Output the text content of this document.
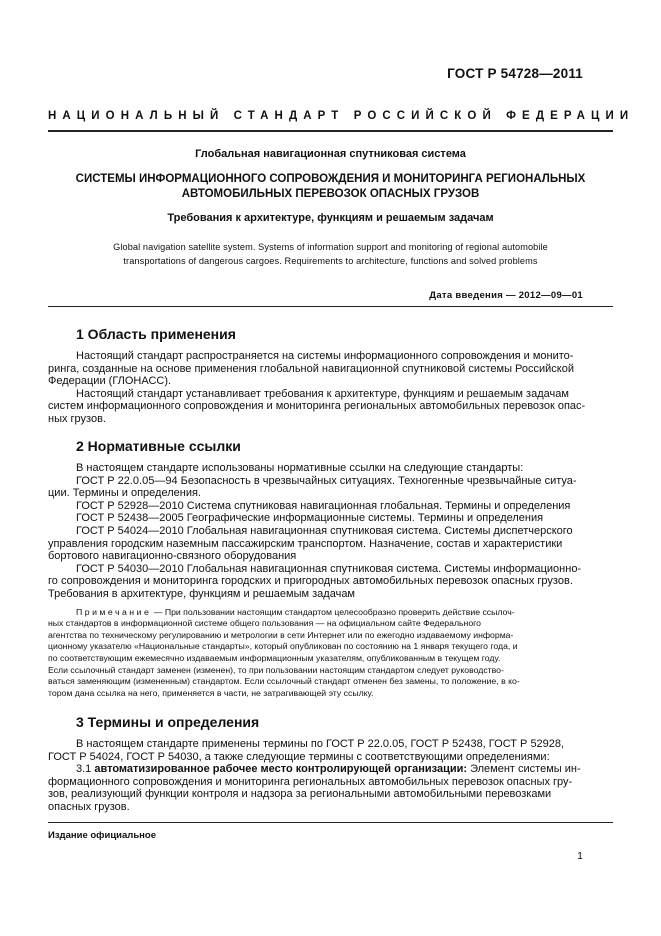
ГОСТ Р 54728—2011
НАЦИОНАЛЬНЫЙ СТАНДАРТ РОССИЙСКОЙ ФЕДЕРАЦИИ
Глобальная навигационная спутниковая система
СИСТЕМЫ ИНФОРМАЦИОННОГО СОПРОВОЖДЕНИЯ И МОНИТОРИНГА РЕГИОНАЛЬНЫХ
АВТОМОБИЛЬНЫХ ПЕРЕВОЗОК ОПАСНЫХ ГРУЗОВ
Требования к архитектуре, функциям и решаемым задачам
Global navigation satellite system. Systems of information support and monitoring of regional automobile
transportations of dangerous cargoes. Requirements to architecture, functions and solved problems
Дата введения — 2012—09—01
1 Область применения
Настоящий стандарт распространяется на системы информационного сопровождения и монито-
ринга, созданные на основе применения глобальной навигационной спутниковой системы Российской
Федерации (ГЛОНАСС).
Настоящий стандарт устанавливает требования к архитектуре, функциям и решаемым задачам
систем информационного сопровождения и мониторинга региональных автомобильных перевозок опас-
ных грузов.
2 Нормативные ссылки
В настоящем стандарте использованы нормативные ссылки на следующие стандарты:
ГОСТ Р 22.0.05—94 Безопасность в чрезвычайных ситуациях. Техногенные чрезвычайные ситуа-
ции. Термины и определения.
ГОСТ Р 52928—2010 Система спутниковая навигационная глобальная. Термины и определения
ГОСТ Р 52438—2005 Географические информационные системы. Термины и определения
ГОСТ Р 54024—2010 Глобальная навигационная спутниковая система. Системы диспетчерского
управления городским наземным пассажирским транспортом. Назначение, состав и характеристики
бортового навигационно-связного оборудования
ГОСТ Р 54030—2010 Глобальная навигационная спутниковая система. Системы информационно-
го сопровождения и мониторинга городских и пригородных автомобильных перевозок опасных грузов.
Требования в архитектуре, функциям и решаемым задачам
Примечание — При пользовании настоящим стандартом целесообразно проверить действие ссылоч-
ных стандартов в информационной системе общего пользования — на официальном сайте Федерального
агентства по техническому регулированию и метрологии в сети Интернет или по ежегодно издаваемому информа-
ционному указателю «Национальные стандарты», который опубликован по состоянию на 1 января текущего года, и
по соответствующим ежемесячно издаваемым информационным указателям, опубликованным в текущем году.
Если ссылочный стандарт заменен (изменен), то при пользовании настоящим стандартом следует руководство-
ваться заменяющим (измененным) стандартом. Если ссылочный стандарт отменен без замены, то положение, в ко-
тором дана ссылка на него, применяется в части, не затрагивающей эту ссылку.
3 Термины и определения
В настоящем стандарте применены термины по ГОСТ Р 22.0.05, ГОСТ Р 52438, ГОСТ Р 52928,
ГОСТ Р 54024, ГОСТ Р 54030, а также следующие термины с соответствующими определениями:
3.1 автоматизированное рабочее место контролирующей организации: Элемент системы ин-
формационного сопровождения и мониторинга региональных автомобильных перевозок опасных гру-
зов, реализующий функции контроля и надзора за региональными автомобильными перевозками
опасных грузов.
Издание официальное
1
